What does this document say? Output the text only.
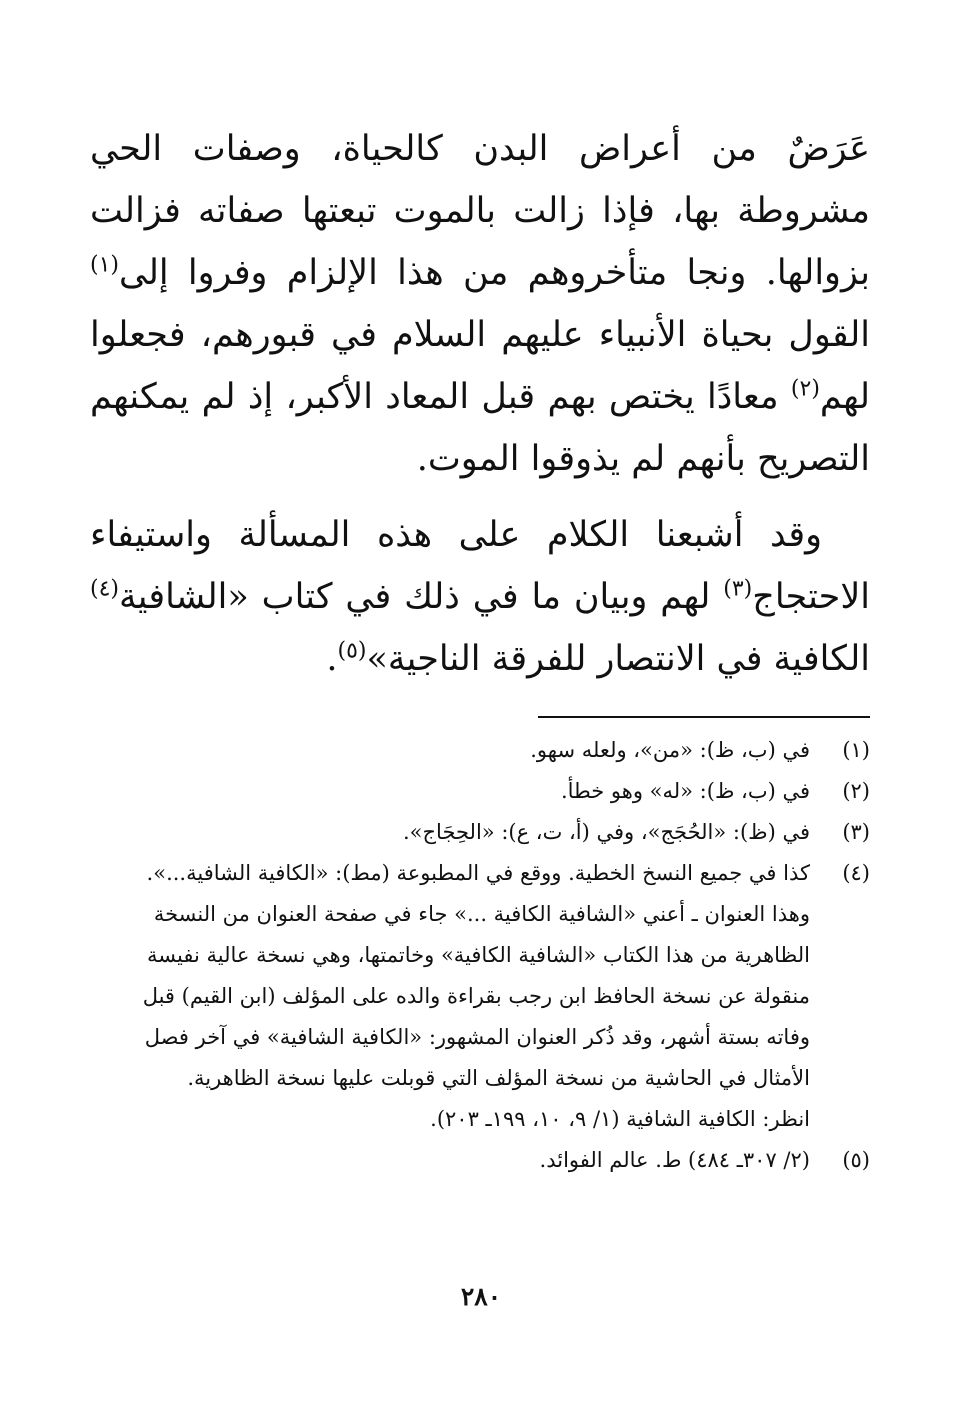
عَرَضٌ من أعراض البدن كالحياة، وصفات الحي مشروطة بها، فإذا زالت بالموت تبعتها صفاته فزالت بزوالها. ونجا متأخروهم من هذا الإلزام وفروا إلى$^{(١)}$ القول بحياة الأنبياء عليهم السلام في قبورهم، فجعلوا لهم$^{(٢)}$ معادًا يختص بهم قبل المعاد الأكبر، إذ لم يمكنهم التصريح بأنهم لم يذوقوا الموت.

وقد أشبعنا الكلام على هذه المسألة واستيفاء الاحتجاج$^{(٣)}$ لهم وبيان ما في ذلك في كتاب «الشافية$^{(٤)}$ الكافية في الانتصار للفرقة الناجية»$^{(٥)}$.

(١)
في (ب، ظ): «من»، ولعله سهو.
(٢)
في (ب، ظ): «له» وهو خطأ.
(٣)
في (ظ): «الحُجَج»، وفي (أ، ت، ع): «الحِجَاج».
(٤)
كذا في جميع النسخ الخطية. ووقع في المطبوعة (مط): «الكافية الشافية...».
وهذا العنوان ـ أعني «الشافية الكافية ...» جاء في صفحة العنوان من النسخة
الظاهرية من هذا الكتاب «الشافية الكافية» وخاتمتها، وهي نسخة عالية نفيسة
منقولة عن نسخة الحافظ ابن رجب بقراءة والده على المؤلف (ابن القيم) قبل
وفاته بستة أشهر، وقد ذُكر العنوان المشهور: «الكافية الشافية» في آخر فصل
الأمثال في الحاشية من نسخة المؤلف التي قوبلت عليها نسخة الظاهرية.
انظر: الكافية الشافية (١/ ٩، ١٠، ١٩٩ـ ٢٠٣).
(٥)
(٢/ ٣٠٧ـ ٤٨٤) ط. عالم الفوائد.
٢٨٠
